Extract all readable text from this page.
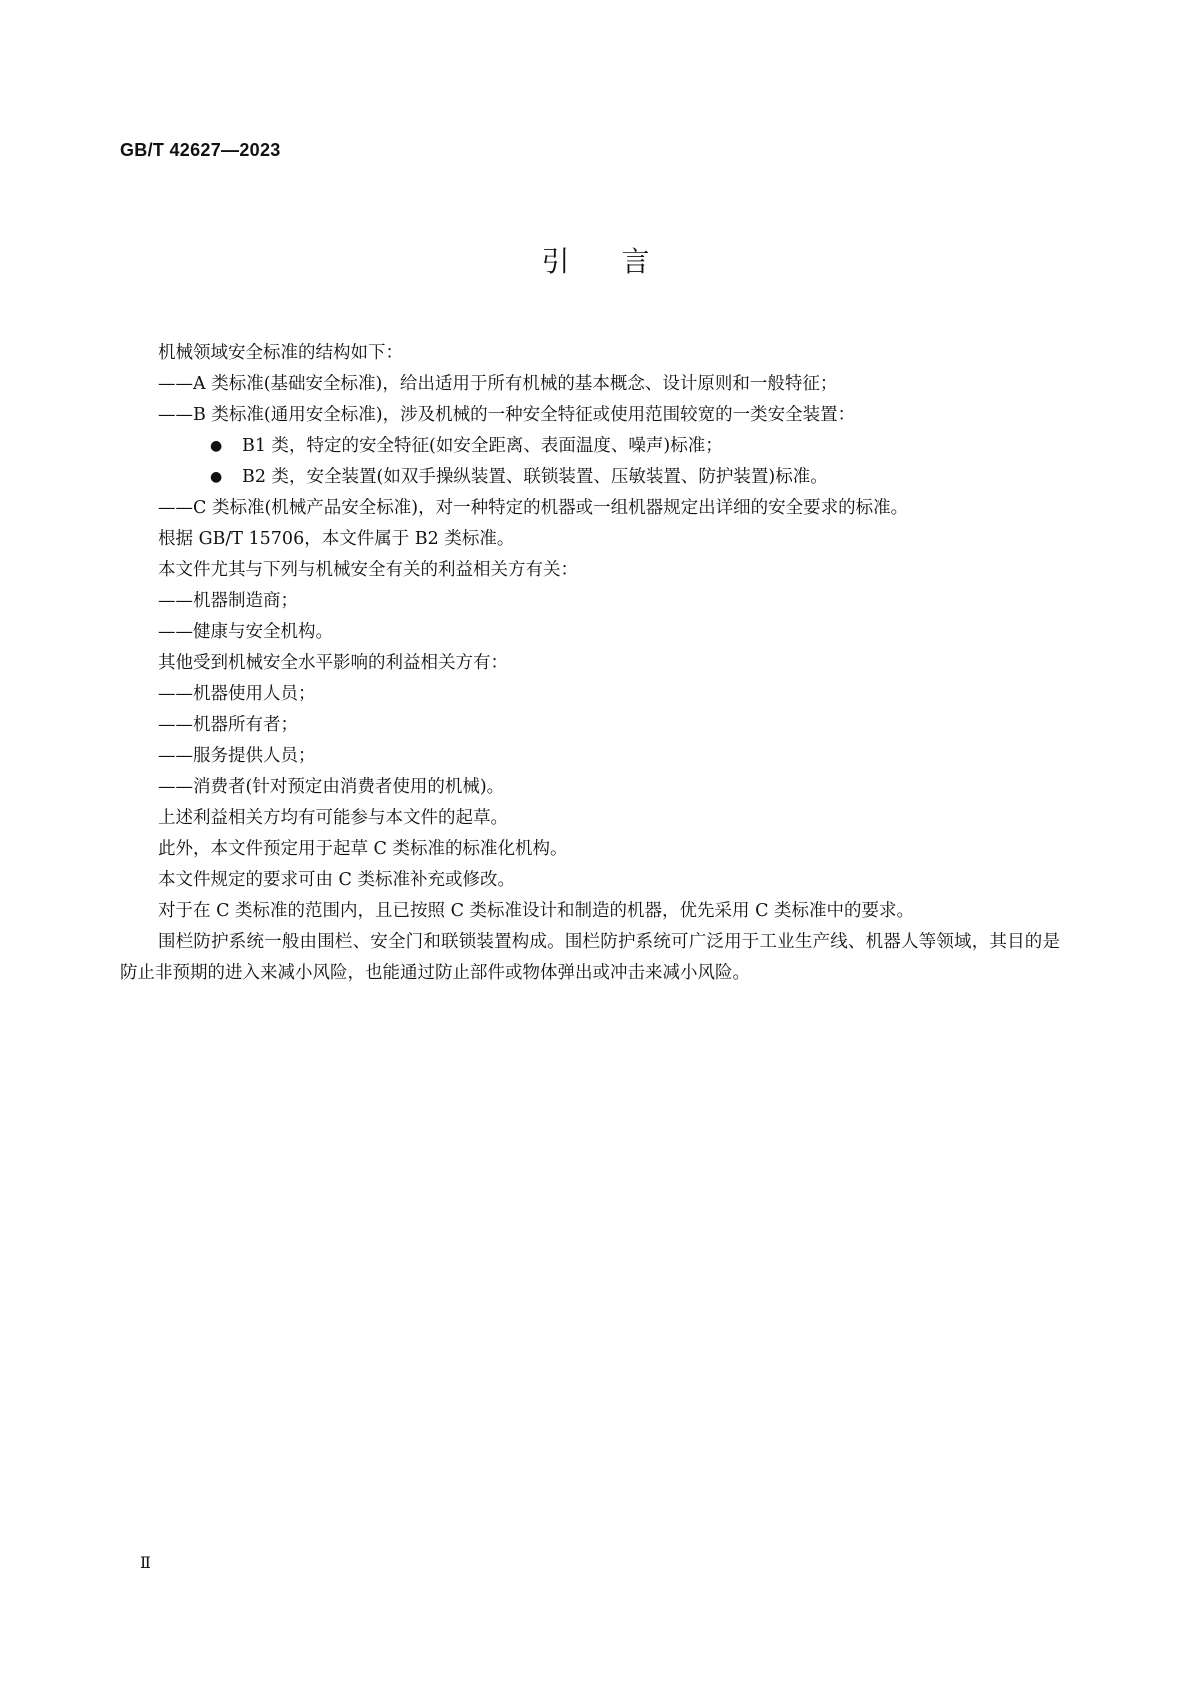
GB/T 42627—2023
引言
机械领域安全标准的结构如下：
——A 类标准(基础安全标准)，给出适用于所有机械的基本概念、设计原则和一般特征；
——B 类标准(通用安全标准)，涉及机械的一种安全特征或使用范围较宽的一类安全装置：
●	B1 类，特定的安全特征(如安全距离、表面温度、噪声)标准；
●	B2 类，安全装置(如双手操纵装置、联锁装置、压敏装置、防护装置)标准。
——C 类标准(机械产品安全标准)，对一种特定的机器或一组机器规定出详细的安全要求的标准。
根据 GB/T 15706，本文件属于 B2 类标准。
本文件尤其与下列与机械安全有关的利益相关方有关：
——机器制造商；
——健康与安全机构。
其他受到机械安全水平影响的利益相关方有：
——机器使用人员；
——机器所有者；
——服务提供人员；
——消费者(针对预定由消费者使用的机械)。
上述利益相关方均有可能参与本文件的起草。
此外，本文件预定用于起草 C 类标准的标准化机构。
本文件规定的要求可由 C 类标准补充或修改。
对于在 C 类标准的范围内，且已按照 C 类标准设计和制造的机器，优先采用 C 类标准中的要求。
围栏防护系统一般由围栏、安全门和联锁装置构成。围栏防护系统可广泛用于工业生产线、机器人等领域，其目的是防止非预期的进入来减小风险，也能通过防止部件或物体弹出或冲击来减小风险。
Ⅱ
